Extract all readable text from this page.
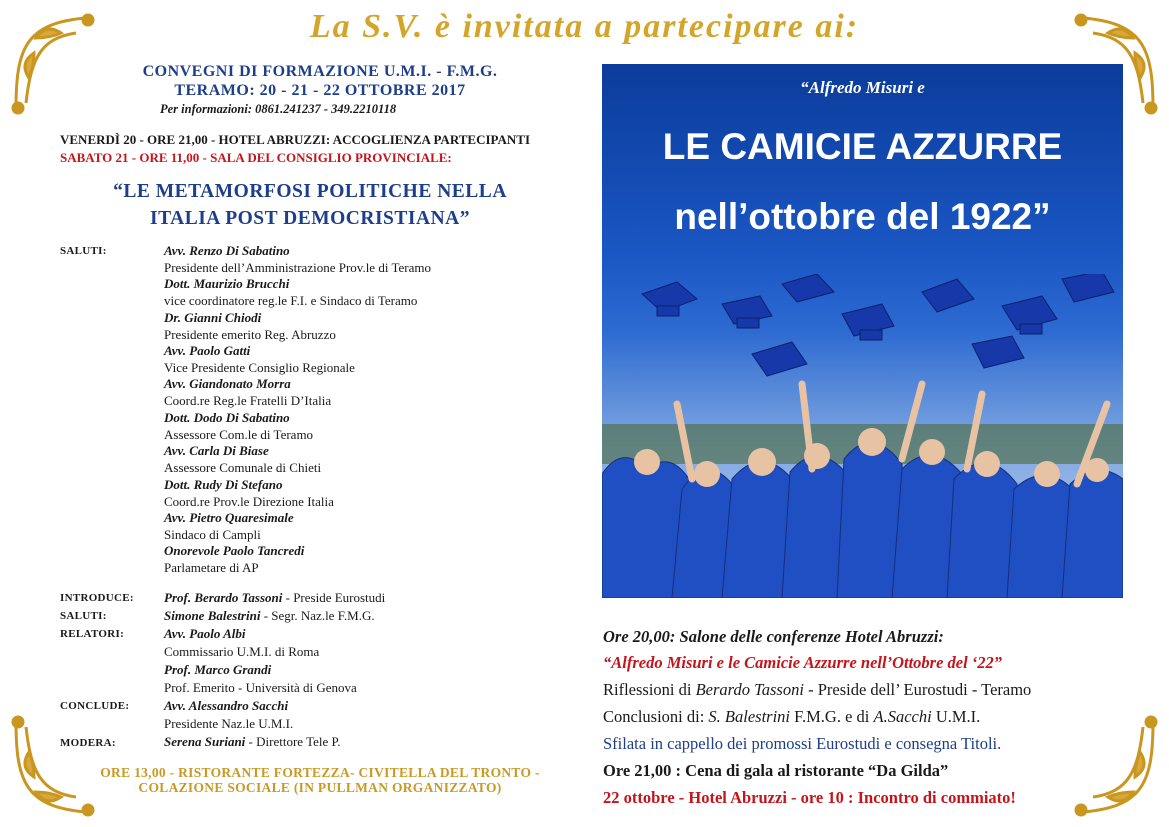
La S.V. è invitata a partecipare ai:
CONVEGNI DI FORMAZIONE U.M.I. - F.M.G.
TERAMO: 20 - 21 - 22 OTTOBRE 2017
Per informazioni: 0861.241237 - 349.2210118
VENERDÌ 20 - ORE 21,00 - HOTEL ABRUZZI: ACCOGLIENZA PARTECIPANTI
SABATO 21 - ORE 11,00 - SALA DEL CONSIGLIO PROVINCIALE:
“LE METAMORFOSI POLITICHE NELLA
ITALIA POST DEMOCRISTIANA”
SALUTI:	Avv. Renzo Di Sabatino
Presidente dell’Amministrazione Prov.le di Teramo
Dott. Maurizio Brucchi
vice coordinatore reg.le F.I. e Sindaco di Teramo
Dr. Gianni Chiodi
Presidente emerito Reg. Abruzzo
Avv. Paolo Gatti
Vice Presidente Consiglio Regionale
Avv. Giandonato Morra
Coord.re Reg.le Fratelli D’Italia
Dott. Dodo Di Sabatino
Assessore Com.le di Teramo
Avv. Carla Di Biase
Assessore Comunale di Chieti
Dott. Rudy Di Stefano
Coord.re Prov.le Direzione Italia
Avv. Pietro Quaresimale
Sindaco di Campli
Onorevole Paolo Tancredi
Parlametare di AP
INTRODUCE: Prof. Berardo Tassoni - Preside Eurostudi
SALUTI:	Simone Balestrini - Segr. Naz.le F.M.G.
RELATORI:	Avv. Paolo Albi
Commissario U.M.I. di Roma
Prof. Marco Grandi
Prof. Emerito - Università di Genova
CONCLUDE:	Avv. Alessandro Sacchi
Presidente Naz.le U.M.I.
MODERA:	Serena Suriani - Direttore Tele P.
ORE 13,00 - RISTORANTE FORTEZZA- CIVITELLA DEL TRONTO -
COLAZIONE SOCIALE (IN PULLMAN ORGANIZZATO)
“Alfredo Misuri e
LE CAMICIE AZZURRE
nell’ottobre del 1922”
Ore 20,00: Salone delle conferenze Hotel Abruzzi:
“Alfredo Misuri e le Camicie Azzurre nell’Ottobre del ‘22”
Riflessioni di Berardo Tassoni - Preside dell’ Eurostudi - Teramo
Conclusioni di: S. Balestrini F.M.G. e di A.Sacchi U.M.I.
Sfilata in cappello dei promossi Eurostudi e consegna Titoli.
Ore 21,00 : Cena di gala al ristorante “Da Gilda”
22 ottobre - Hotel Abruzzi - ore 10 : Incontro di commiato!
